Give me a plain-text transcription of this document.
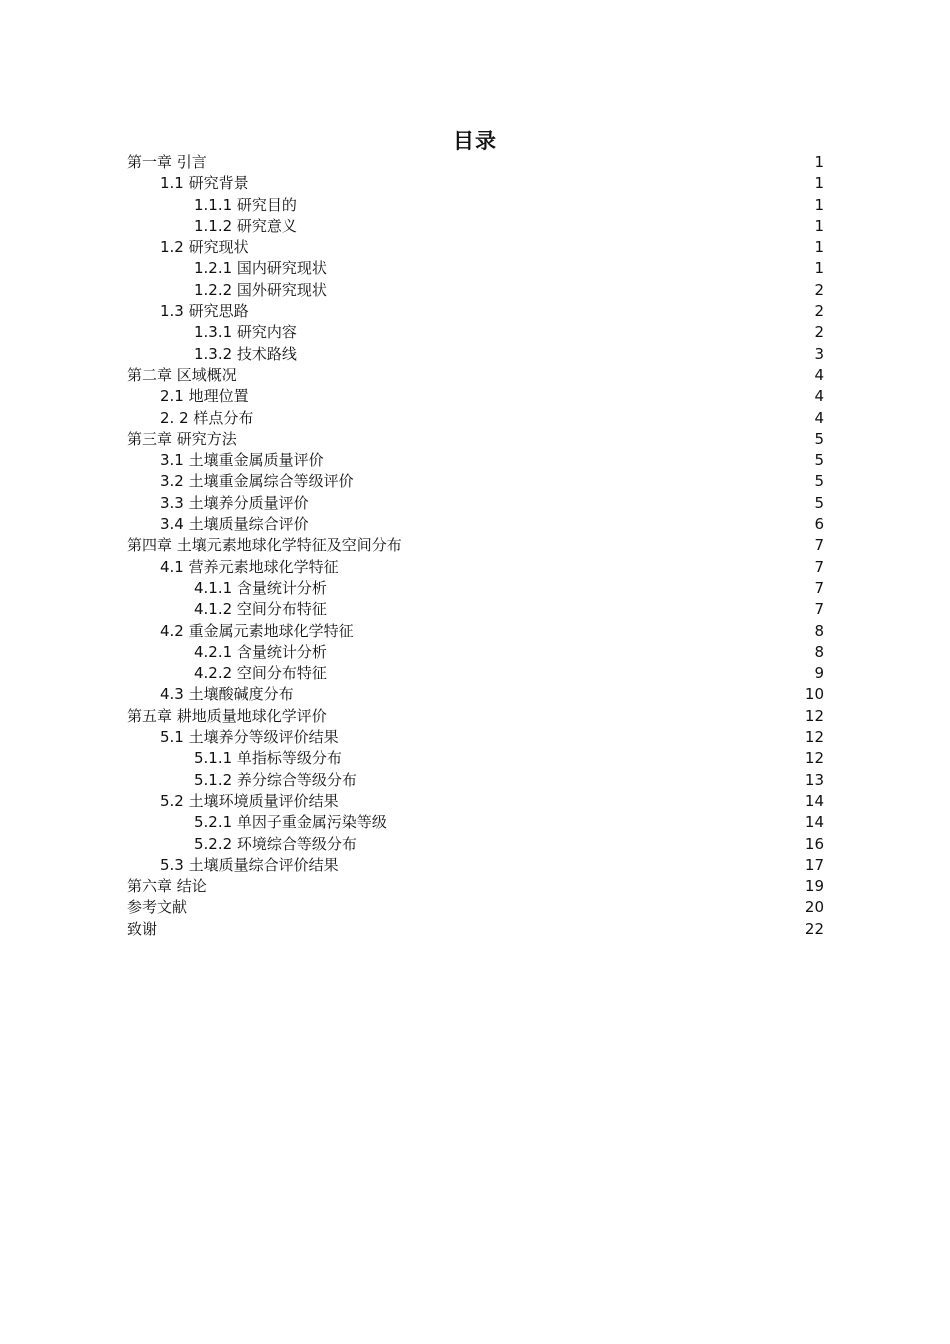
目录
第一章 引言	1
1.1 研究背景	1
1.1.1 研究目的	1
1.1.2 研究意义	1
1.2 研究现状	1
1.2.1 国内研究现状	1
1.2.2 国外研究现状	2
1.3 研究思路	2
1.3.1 研究内容	2
1.3.2 技术路线	3
第二章 区域概况	4
2.1 地理位置	4
2. 2 样点分布	4
第三章 研究方法	5
3.1 土壤重金属质量评价	5
3.2 土壤重金属综合等级评价	5
3.3 土壤养分质量评价	5
3.4 土壤质量综合评价	6
第四章 土壤元素地球化学特征及空间分布	7
4.1 营养元素地球化学特征	7
4.1.1 含量统计分析	7
4.1.2 空间分布特征	7
4.2 重金属元素地球化学特征	8
4.2.1 含量统计分析	8
4.2.2 空间分布特征	9
4.3 土壤酸碱度分布	10
第五章 耕地质量地球化学评价	12
5.1 土壤养分等级评价结果	12
5.1.1 单指标等级分布	12
5.1.2 养分综合等级分布	13
5.2 土壤环境质量评价结果	14
5.2.1 单因子重金属污染等级	14
5.2.2 环境综合等级分布	16
5.3 土壤质量综合评价结果	17
第六章 结论	19
参考文献	20
致谢	22
